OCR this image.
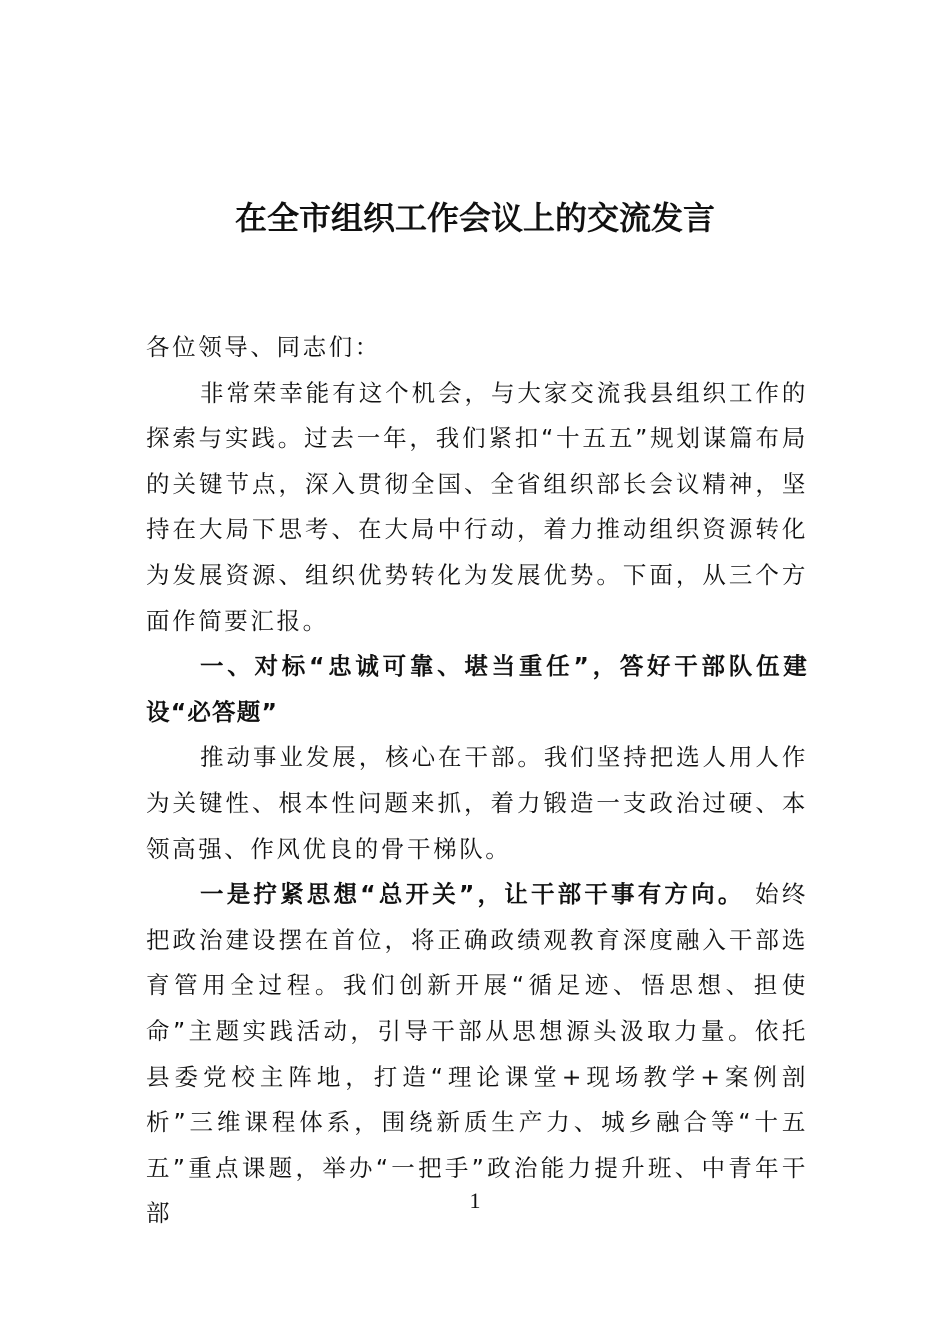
在全市组织工作会议上的交流发言

各位领导、同志们：

非常荣幸能有这个机会，与大家交流我县组织工作的探索与实践。过去一年，我们紧扣“十五五”规划谋篇布局的关键节点，深入贯彻全国、全省组织部长会议精神，坚持在大局下思考、在大局中行动，着力推动组织资源转化为发展资源、组织优势转化为发展优势。下面，从三个方面作简要汇报。

一、对标“忠诚可靠、堪当重任”，答好干部队伍建设“必答题”

推动事业发展，核心在干部。我们坚持把选人用人作为关键性、根本性问题来抓，着力锻造一支政治过硬、本领高强、作风优良的骨干梯队。

一是拧紧思想“总开关”，让干部干事有方向。 始终把政治建设摆在首位，将正确政绩观教育深度融入干部选育管用全过程。我们创新开展“循足迹、悟思想、担使命”主题实践活动，引导干部从思想源头汲取力量。依托县委党校主阵地，打造“理论课堂+现场教学+案例剖析”三维课程体系，围绕新质生产力、城乡融合等“十五五”重点课题，举办“一把手”政治能力提升班、中青年干部	1
